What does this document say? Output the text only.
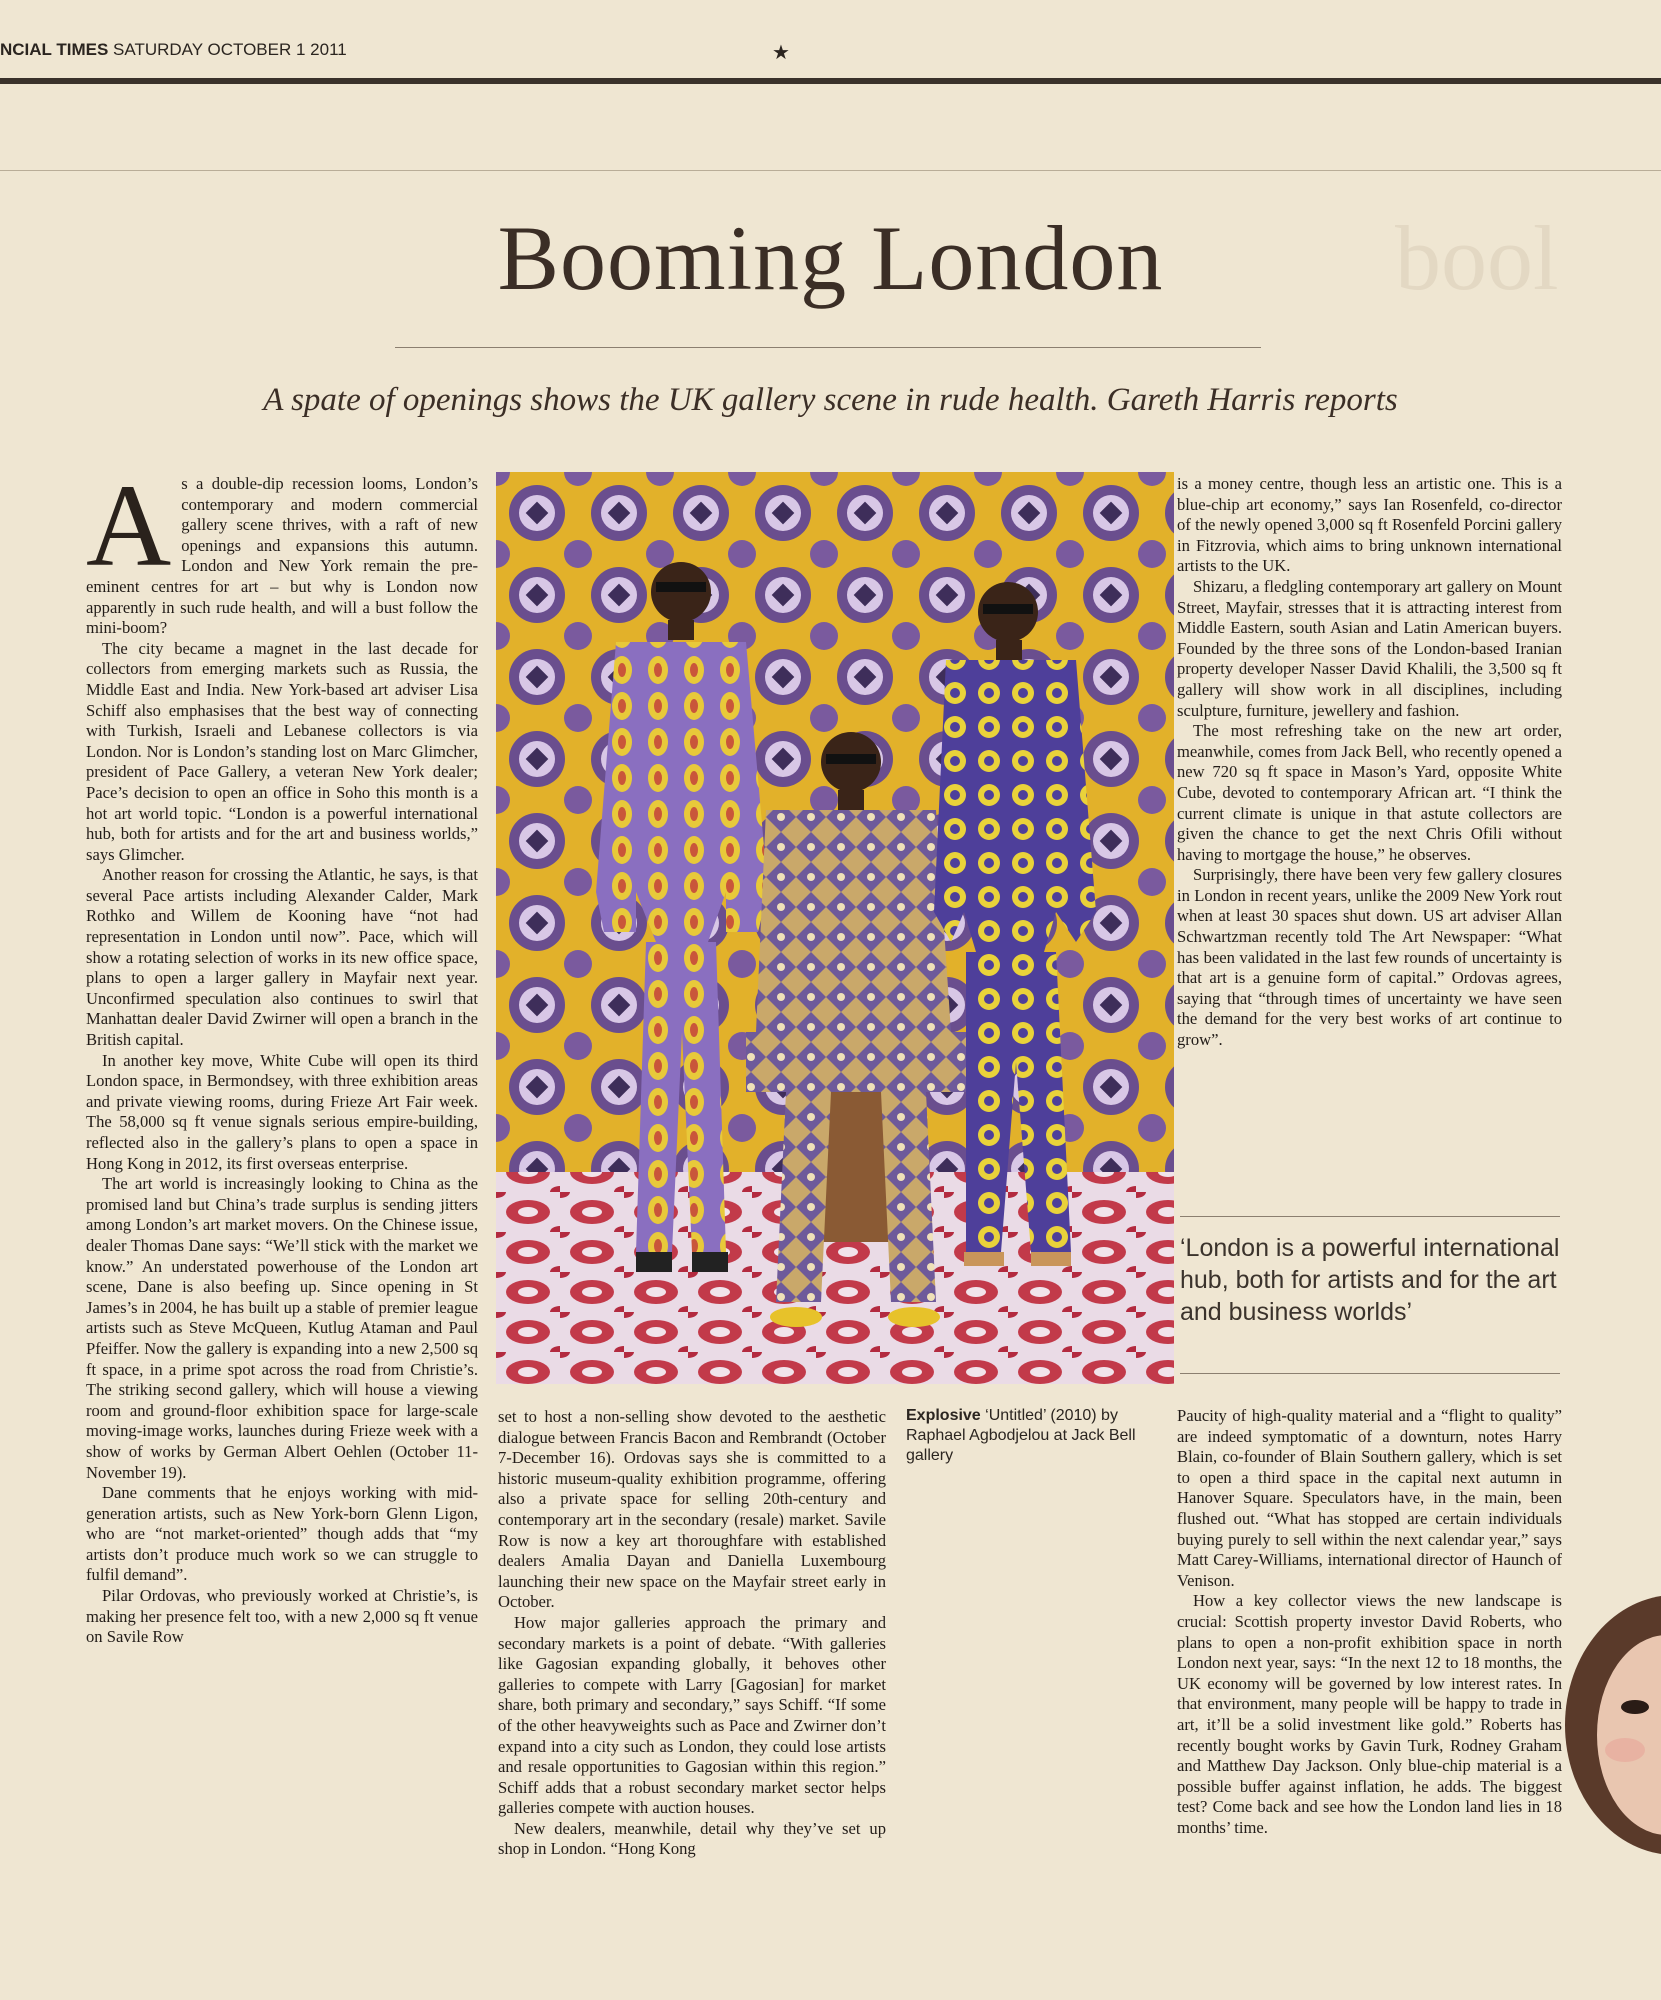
NCIAL TIMES SATURDAY OCTOBER 1 2011	★
bool
Booming London
A spate of openings shows the UK gallery scene in rude health. Gareth Harris reports
A s a double-dip recession looms, London’s contemporary and modern commercial gallery scene thrives, with a raft of new openings and expansions this autumn. London and New York remain the pre-eminent centres for art – but why is London now apparently in such rude health, and will a bust follow the mini-boom?

The city became a magnet in the last decade for collectors from emerging markets such as Russia, the Middle East and India. New York-based art adviser Lisa Schiff also emphasises that the best way of connecting with Turkish, Israeli and Lebanese collectors is via London. Nor is London’s standing lost on Marc Glimcher, president of Pace Gallery, a veteran New York dealer; Pace’s decision to open an office in Soho this month is a hot art world topic. “London is a powerful international hub, both for artists and for the art and business worlds,” says Glimcher.

Another reason for crossing the Atlantic, he says, is that several Pace artists including Alexander Calder, Mark Rothko and Willem de Kooning have “not had representation in London until now”. Pace, which will show a rotating selection of works in its new office space, plans to open a larger gallery in Mayfair next year. Unconfirmed speculation also continues to swirl that Manhattan dealer David Zwirner will open a branch in the British capital.

In another key move, White Cube will open its third London space, in Bermondsey, with three exhibition areas and private viewing rooms, during Frieze Art Fair week. The 58,000 sq ft venue signals serious empire-building, reflected also in the gallery’s plans to open a space in Hong Kong in 2012, its first overseas enterprise.

The art world is increasingly looking to China as the promised land but China’s trade surplus is sending jitters among London’s art market movers. On the Chinese issue, dealer Thomas Dane says: “We’ll stick with the market we know.” An understated powerhouse of the London art scene, Dane is also beefing up. Since opening in St James’s in 2004, he has built up a stable of premier league artists such as Steve McQueen, Kutlug Ataman and Paul Pfeiffer. Now the gallery is expanding into a new 2,500 sq ft space, in a prime spot across the road from Christie’s. The striking second gallery, which will house a viewing room and ground-floor exhibition space for large-scale moving-image works, launches during Frieze week with a show of works by German Albert Oehlen (October 11-November 19).

Dane comments that he enjoys working with mid-generation artists, such as New York-born Glenn Ligon, who are “not market-oriented” though adds that “my artists don’t produce much work so we can struggle to fulfil demand”.

Pilar Ordovas, who previously worked at Christie’s, is making her presence felt too, with a new 2,000 sq ft venue on Savile Row

set to host a non-selling show devoted to the aesthetic dialogue between Francis Bacon and Rembrandt (October 7-December 16). Ordovas says she is committed to a historic museum-quality exhibition programme, offering also a private space for selling 20th-century and contemporary art in the secondary (resale) market. Savile Row is now a key art thoroughfare with established dealers Amalia Dayan and Daniella Luxembourg launching their new space on the Mayfair street early in October.

How major galleries approach the primary and secondary markets is a point of debate. “With galleries like Gagosian expanding globally, it behoves other galleries to compete with Larry [Gagosian] for market share, both primary and secondary,” says Schiff. “If some of the other heavyweights such as Pace and Zwirner don’t expand into a city such as London, they could lose artists and resale opportunities to Gagosian within this region.” Schiff adds that a robust secondary market sector helps galleries compete with auction houses.

New dealers, meanwhile, detail why they’ve set up shop in London. “Hong Kong

Explosive ‘Untitled’ (2010) by Raphael Agbodjelou at Jack Bell gallery

is a money centre, though less an artistic one. This is a blue-chip art economy,” says Ian Rosenfeld, co-director of the newly opened 3,000 sq ft Rosenfeld Porcini gallery in Fitzrovia, which aims to bring unknown international artists to the UK.

Shizaru, a fledgling contemporary art gallery on Mount Street, Mayfair, stresses that it is attracting interest from Middle Eastern, south Asian and Latin American buyers. Founded by the three sons of the London-based Iranian property developer Nasser David Khalili, the 3,500 sq ft gallery will show work in all disciplines, including sculpture, furniture, jewellery and fashion.

The most refreshing take on the new art order, meanwhile, comes from Jack Bell, who recently opened a new 720 sq ft space in Mason’s Yard, opposite White Cube, devoted to contemporary African art. “I think the current climate is unique in that astute collectors are given the chance to get the next Chris Ofili without having to mortgage the house,” he observes.

Surprisingly, there have been very few gallery closures in London in recent years, unlike the 2009 New York rout when at least 30 spaces shut down. US art adviser Allan Schwartzman recently told The Art Newspaper: “What has been validated in the last few rounds of uncertainty is that art is a genuine form of capital.” Ordovas agrees, saying that “through times of uncertainty we have seen the demand for the very best works of art continue to grow”.

‘London is a powerful international hub, both for artists and for the art and business worlds’

Paucity of high-quality material and a “flight to quality” are indeed symptomatic of a downturn, notes Harry Blain, co-founder of Blain Southern gallery, which is set to open a third space in the capital next autumn in Hanover Square. Speculators have, in the main, been flushed out. “What has stopped are certain individuals buying purely to sell within the next calendar year,” says Matt Carey-Williams, international director of Haunch of Venison.

How a key collector views the new landscape is crucial: Scottish property investor David Roberts, who plans to open a non-profit exhibition space in north London next year, says: “In the next 12 to 18 months, the UK economy will be governed by low interest rates. In that environment, many people will be happy to trade in art, it’ll be a solid investment like gold.” Roberts has recently bought works by Gavin Turk, Rodney Graham and Matthew Day Jackson. Only blue-chip material is a possible buffer against inflation, he adds. The biggest test? Come back and see how the London land lies in 18 months’ time.
